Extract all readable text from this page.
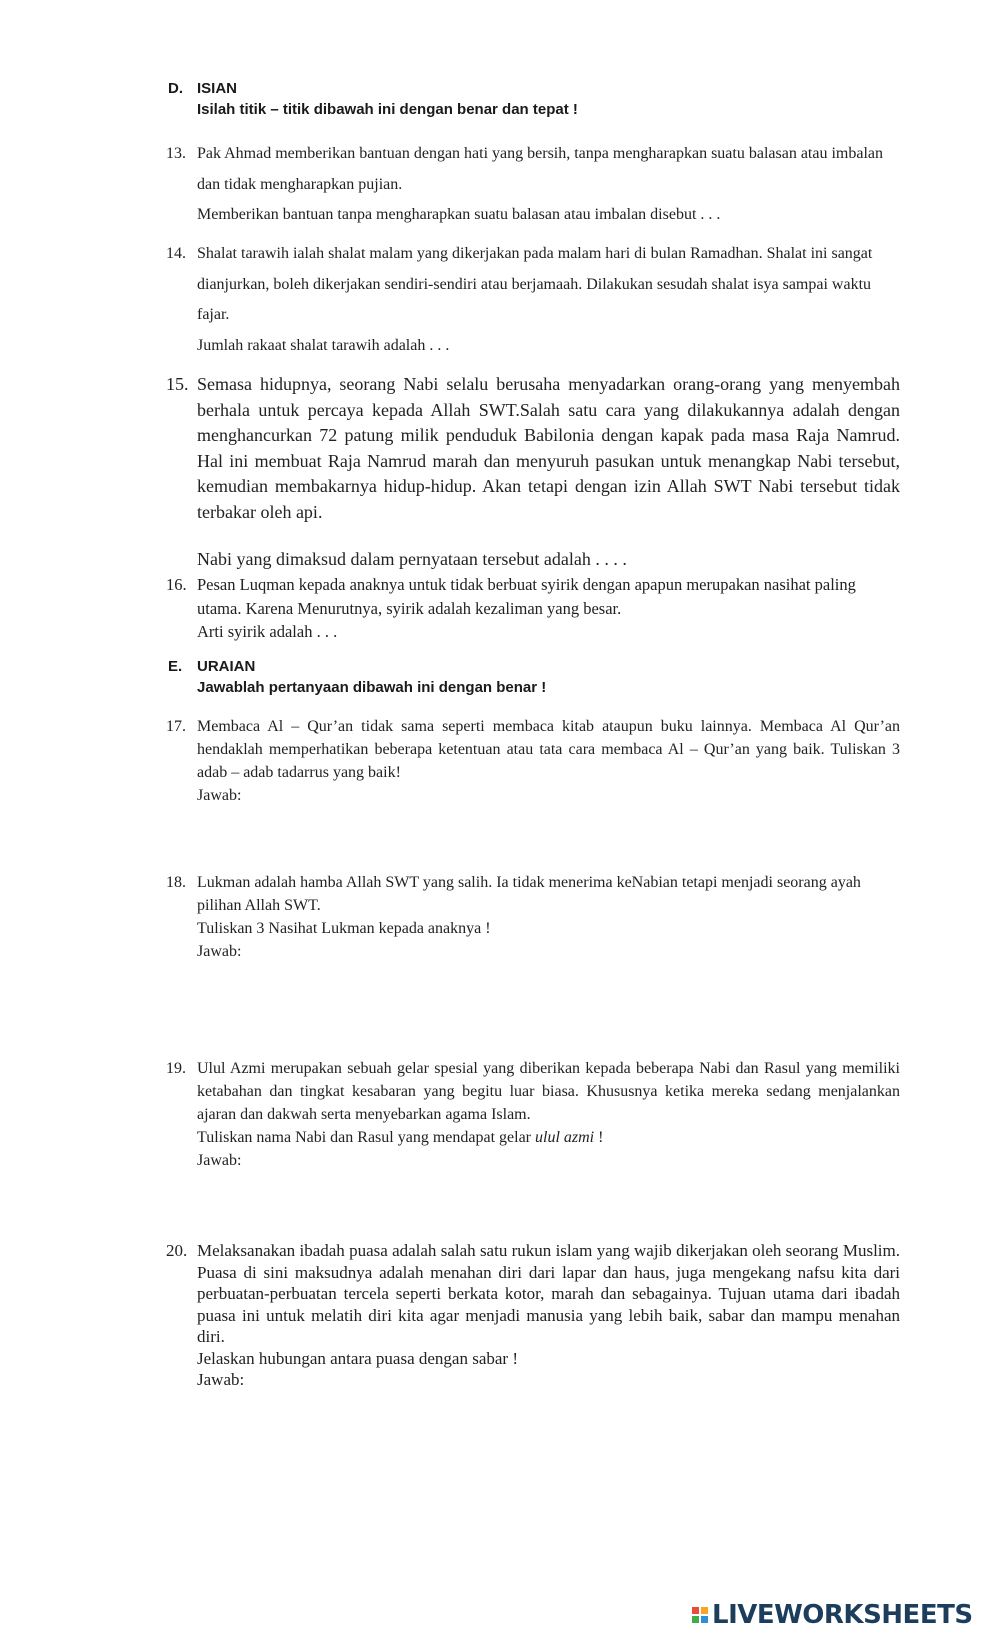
D. ISIAN
Isilah titik – titik dibawah ini dengan benar dan tepat !
13. Pak Ahmad memberikan bantuan dengan hati yang bersih, tanpa mengharapkan suatu balasan atau imbalan dan tidak mengharapkan pujian.

Memberikan bantuan tanpa mengharapkan suatu balasan atau imbalan disebut . . .

14. Shalat tarawih ialah shalat malam yang dikerjakan pada malam hari di bulan Ramadhan. Shalat ini sangat dianjurkan, boleh dikerjakan sendiri-sendiri atau berjamaah. Dilakukan sesudah shalat isya sampai waktu fajar.

Jumlah rakaat shalat tarawih adalah . . .

15. Semasa hidupnya, seorang Nabi selalu berusaha menyadarkan orang-orang yang menyembah berhala untuk percaya kepada Allah SWT.Salah satu cara yang dilakukannya adalah dengan menghancurkan 72 patung milik penduduk Babilonia dengan kapak pada masa Raja Namrud. Hal ini membuat Raja Namrud marah dan menyuruh pasukan untuk menangkap Nabi tersebut, kemudian membakarnya hidup-hidup. Akan tetapi dengan izin Allah SWT Nabi tersebut tidak terbakar oleh api.

Nabi yang dimaksud dalam pernyataan tersebut adalah . . . .

16. Pesan Luqman kepada anaknya untuk tidak berbuat syirik dengan apapun merupakan nasihat paling utama. Karena Menurutnya, syirik adalah kezaliman yang besar.

Arti syirik adalah . . .

E. URAIAN
Jawablah pertanyaan dibawah ini dengan benar !
17. Membaca Al – Qur’an tidak sama seperti membaca kitab ataupun buku lainnya. Membaca Al Qur’an hendaklah memperhatikan beberapa ketentuan atau tata cara membaca Al – Qur’an yang baik. Tuliskan 3 adab – adab tadarrus yang baik!

Jawab:

18. Lukman adalah hamba Allah SWT yang salih. Ia tidak menerima keNabian tetapi menjadi seorang ayah pilihan Allah SWT.

Tuliskan 3 Nasihat Lukman kepada anaknya !

Jawab:

19. Ulul Azmi merupakan sebuah gelar spesial yang diberikan kepada beberapa Nabi dan Rasul yang memiliki ketabahan dan tingkat kesabaran yang begitu luar biasa. Khususnya ketika mereka sedang menjalankan ajaran dan dakwah serta menyebarkan agama Islam.

Tuliskan nama Nabi dan Rasul yang mendapat gelar ulul azmi !

Jawab:

20. Melaksanakan ibadah puasa adalah salah satu rukun islam yang wajib dikerjakan oleh seorang Muslim. Puasa di sini maksudnya adalah menahan diri dari lapar dan haus, juga mengekang nafsu kita dari perbuatan-perbuatan tercela seperti berkata kotor, marah dan sebagainya. Tujuan utama dari ibadah puasa ini untuk melatih diri kita agar menjadi manusia yang lebih baik, sabar dan mampu menahan diri.

Jelaskan hubungan antara puasa dengan sabar !

Jawab:

LIVEWORKSHEETS
